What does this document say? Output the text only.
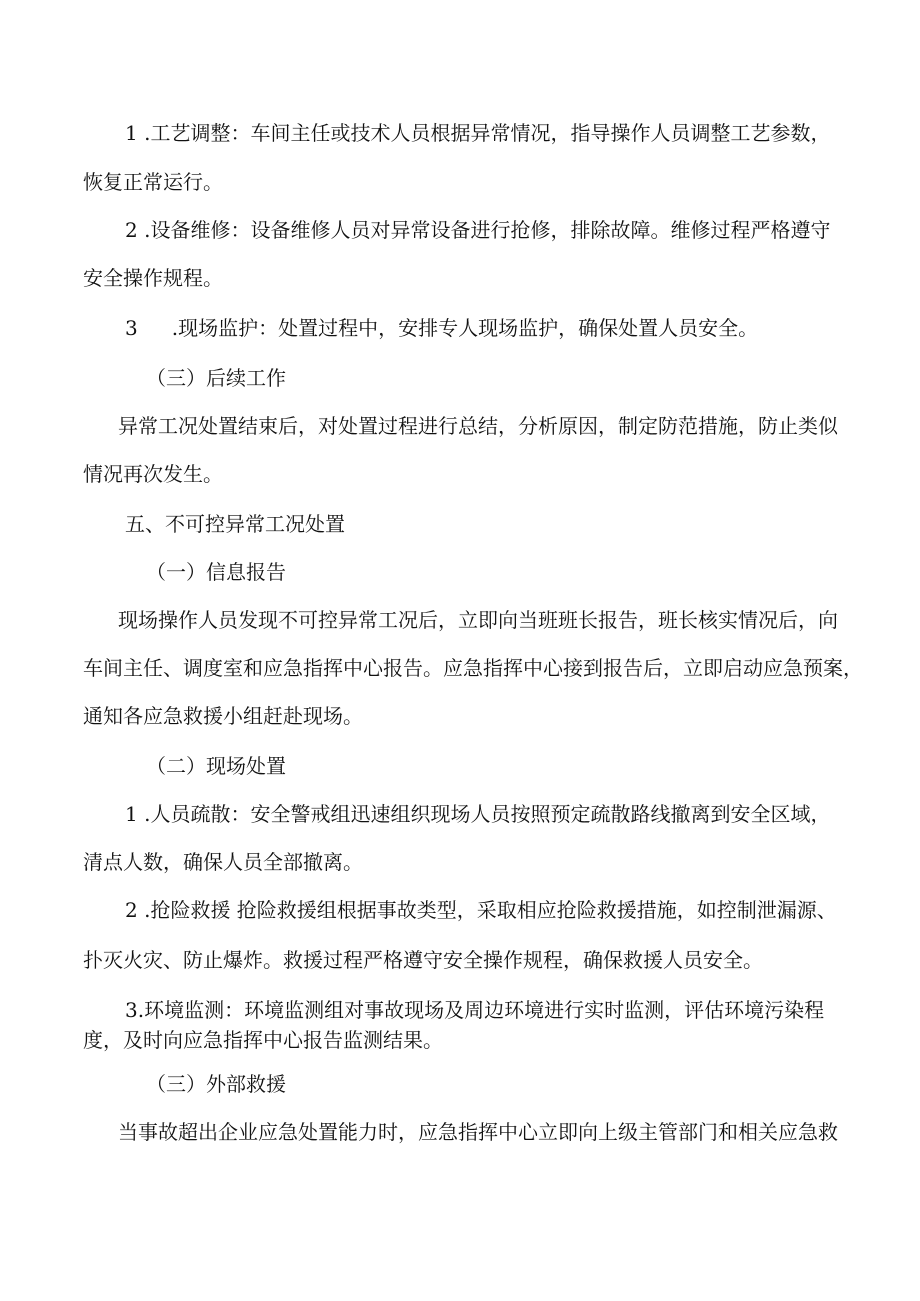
1 .工艺调整：车间主任或技术人员根据异常情况，指导操作人员调整工艺参数，
恢复正常运行。
2 .设备维修：设备维修人员对异常设备进行抢修，排除故障。维修过程严格遵守
安全操作规程。
3 .现场监护：处置过程中，安排专人现场监护，确保处置人员安全。
（三）后续工作
异常工况处置结束后，对处置过程进行总结，分析原因，制定防范措施，防止类似
情况再次发生。
五、不可控异常工况处置
（一）信息报告
现场操作人员发现不可控异常工况后，立即向当班班长报告，班长核实情况后，向
车间主任、调度室和应急指挥中心报告。应急指挥中心接到报告后，立即启动应急预案，
通知各应急救援小组赶赴现场。
（二）现场处置
1 .人员疏散：安全警戒组迅速组织现场人员按照预定疏散路线撤离到安全区域，
清点人数，确保人员全部撤离。
2 .抢险救援 抢险救援组根据事故类型，采取相应抢险救援措施，如控制泄漏源、
扑灭火灾、防止爆炸。救援过程严格遵守安全操作规程，确保救援人员安全。
3.环境监测：环境监测组对事故现场及周边环境进行实时监测，评估环境污染程
度，及时向应急指挥中心报告监测结果。
（三）外部救援
当事故超出企业应急处置能力时，应急指挥中心立即向上级主管部门和相关应急救
